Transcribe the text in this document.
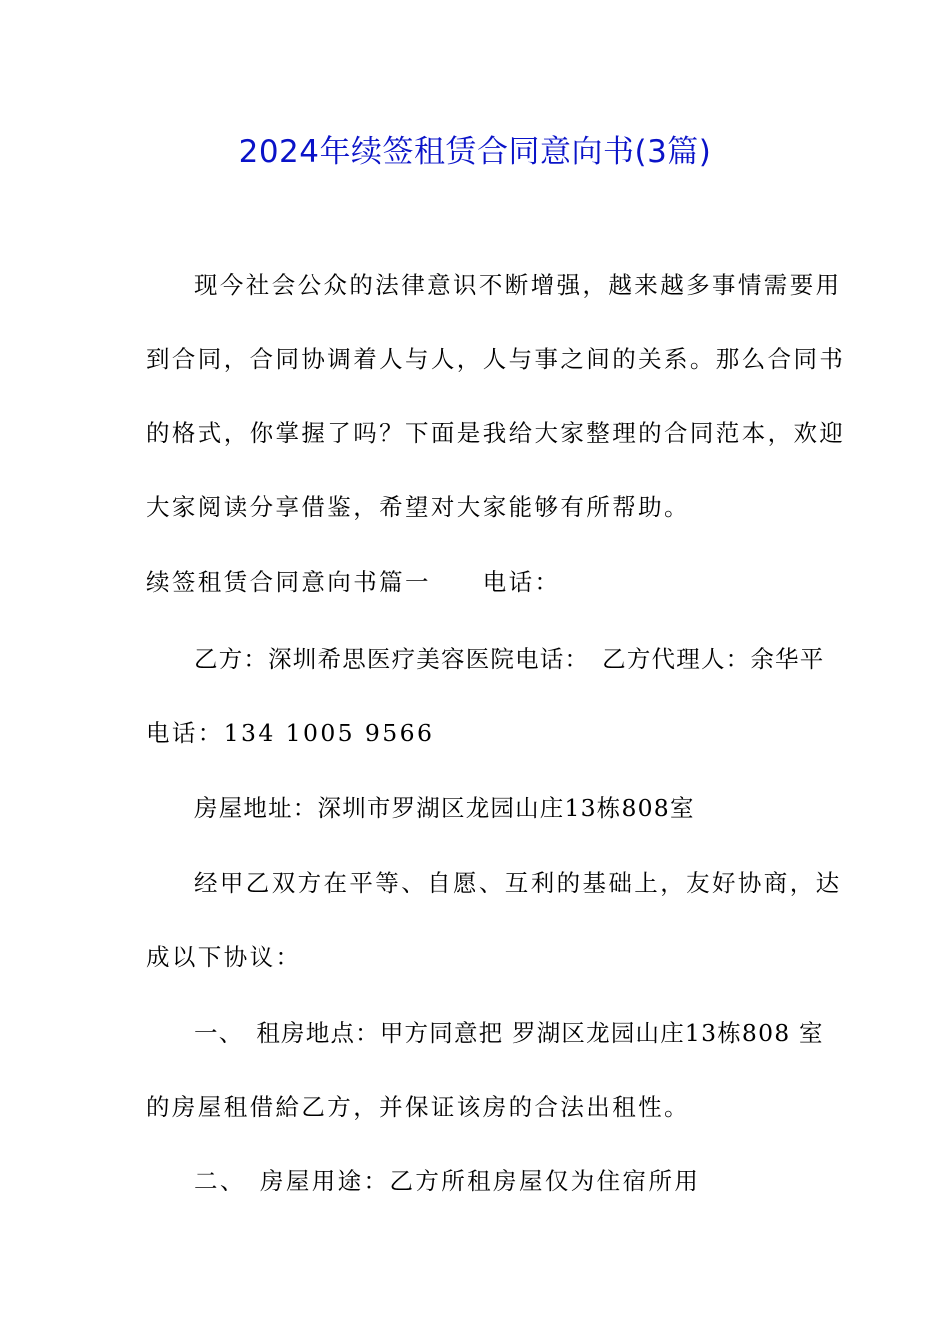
2024年续签租赁合同意向书(3篇)
现今社会公众的法律意识不断增强，越来越多事情需要用
到合同，合同协调着人与人，人与事之间的关系。那么合同书
的格式，你掌握了吗？下面是我给大家整理的合同范本，欢迎
大家阅读分享借鉴，希望对大家能够有所帮助。
续签租赁合同意向书篇一　　电话：
乙方：深圳希思医疗美容医院电话：　乙方代理人：余华平
电话：134 1005 9566
房屋地址：深圳市罗湖区龙园山庄13栋808室
经甲乙双方在平等、自愿、互利的基础上，友好协商，达
成以下协议：
一、　租房地点：甲方同意把 罗湖区龙园山庄13栋808 室
的房屋租借給乙方，并保证该房的合法出租性。
二、　房屋用途：乙方所租房屋仅为住宿所用
